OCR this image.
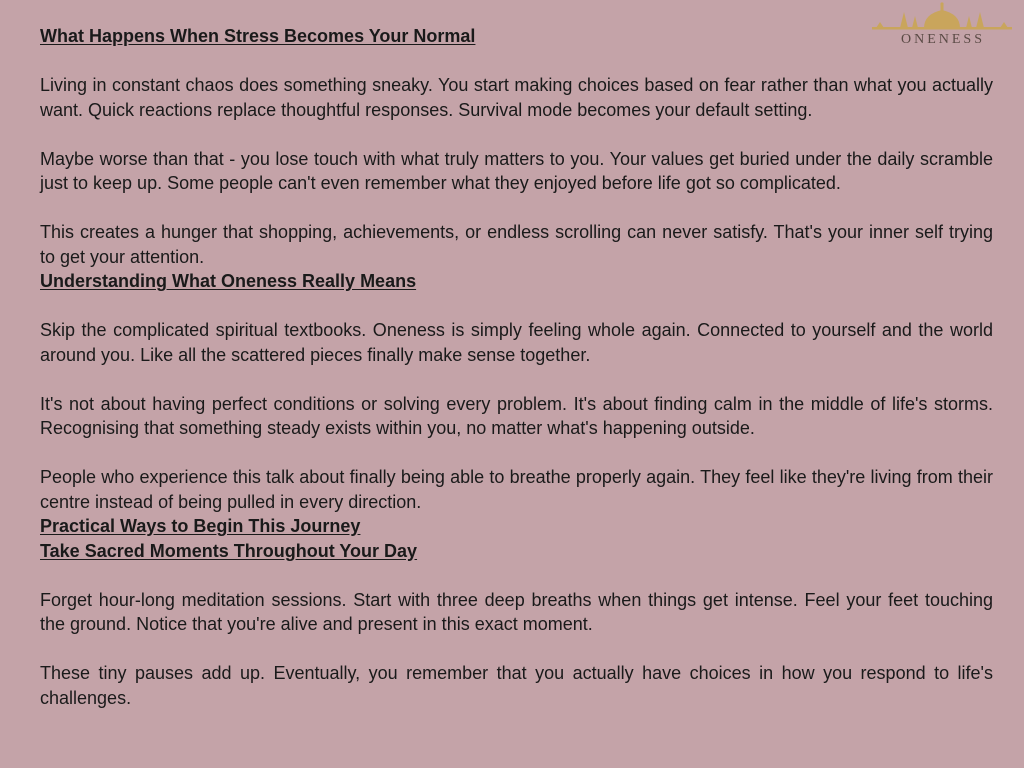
ONENESS
What Happens When Stress Becomes Your Normal

Living in constant chaos does something sneaky. You start making choices based on fear rather than what you actually want. Quick reactions replace thoughtful responses. Survival mode becomes your default setting.

Maybe worse than that - you lose touch with what truly matters to you. Your values get buried under the daily scramble just to keep up. Some people can't even remember what they enjoyed before life got so complicated.

This creates a hunger that shopping, achievements, or endless scrolling can never satisfy. That's your inner self trying to get your attention.

Understanding What Oneness Really Means

Skip the complicated spiritual textbooks. Oneness is simply feeling whole again. Connected to yourself and the world around you. Like all the scattered pieces finally make sense together.

It's not about having perfect conditions or solving every problem. It's about finding calm in the middle of life's storms. Recognising that something steady exists within you, no matter what's happening outside.

People who experience this talk about finally being able to breathe properly again. They feel like they're living from their centre instead of being pulled in every direction.

Practical Ways to Begin This Journey
Take Sacred Moments Throughout Your Day

Forget hour-long meditation sessions. Start with three deep breaths when things get intense. Feel your feet touching the ground. Notice that you're alive and present in this exact moment.

These tiny pauses add up. Eventually, you remember that you actually have choices in how you respond to life's challenges.
